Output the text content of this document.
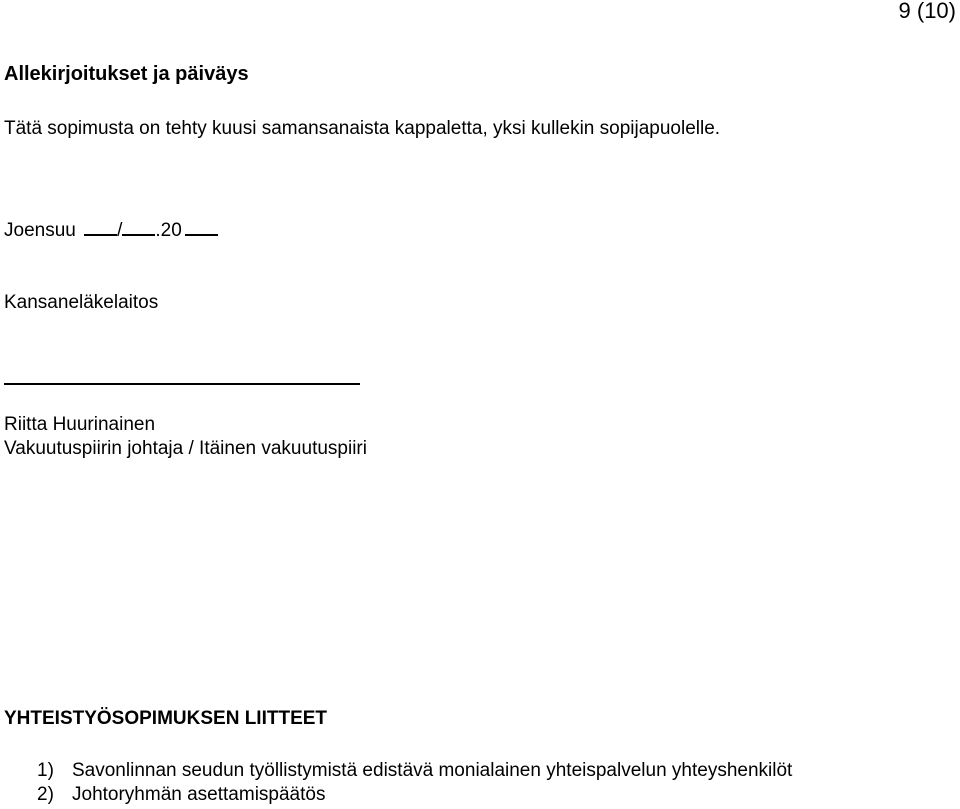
9 (10)
Allekirjoitukset ja päiväys
Tätä sopimusta on tehty kuusi samansanaista kappaletta, yksi kullekin sopijapuolelle.
Joensuu / .20
Kansaneläkelaitos
Riitta Huurinainen
Vakuutuspiirin johtaja / Itäinen vakuutuspiiri
YHTEISTYÖSOPIMUKSEN LIITTEET
1) Savonlinnan seudun työllistymistä edistävä monialainen yhteispalvelun yhteyshenkilöt
2) Johtoryhmän asettamispäätös
